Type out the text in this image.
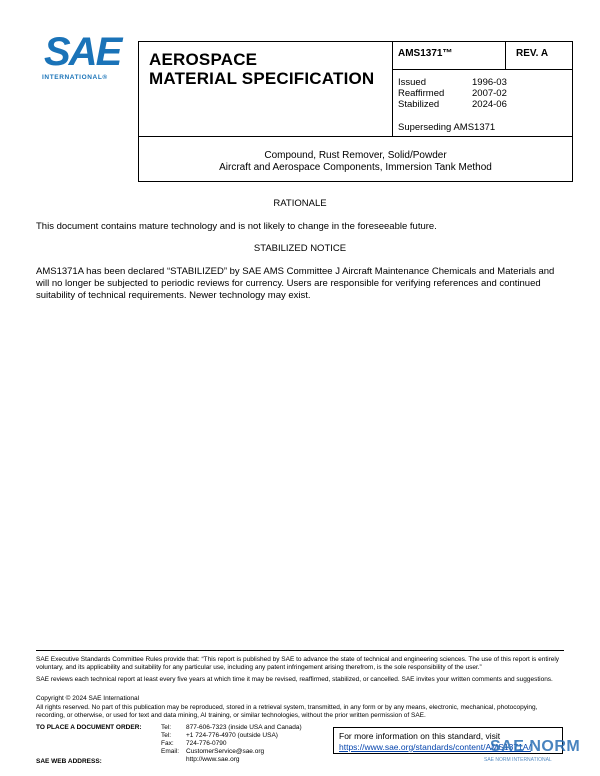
SAE
INTERNATIONAL®
AEROSPACE
MATERIAL SPECIFICATION
AMS1371™	REV. A
Issued	1996-03
Reaffirmed	2007-02
Stabilized	2024-06
Superseding AMS1371
Compound, Rust Remover, Solid/Powder
Aircraft and Aerospace Components, Immersion Tank Method
RATIONALE
This document contains mature technology and is not likely to change in the foreseeable future.
STABILIZED NOTICE
AMS1371A has been declared “STABILIZED” by SAE AMS Committee J Aircraft Maintenance Chemicals and Materials and will no longer be subjected to periodic reviews for currency. Users are responsible for verifying references and continued suitability of technical requirements. Newer technology may exist.
SAE Executive Standards Committee Rules provide that: “This report is published by SAE to advance the state of technical and engineering sciences. The use of this report is entirely voluntary, and its applicability and suitability for any particular use, including any patent infringement arising therefrom, is the sole responsibility of the user.”
SAE reviews each technical report at least every five years at which time it may be revised, reaffirmed, stabilized, or cancelled. SAE invites your written comments and suggestions.
Copyright © 2024 SAE International
All rights reserved. No part of this publication may be reproduced, stored in a retrieval system, transmitted, in any form or by any means, electronic, mechanical, photocopying, recording, or otherwise, or used for text and data mining, AI training, or similar technologies, without the prior written permission of SAE.
TO PLACE A DOCUMENT ORDER:	Tel: 877-606-7323 (inside USA and Canada)
Tel: +1 724-776-4970 (outside USA)
Fax: 724-776-0790
Email: CustomerService@sae.org
SAE WEB ADDRESS:	http://www.sae.org
For more information on this standard, visit
https://www.sae.org/standards/content/AMS1371A/
SAE NORM
SAE NORM INTERNATIONAL
